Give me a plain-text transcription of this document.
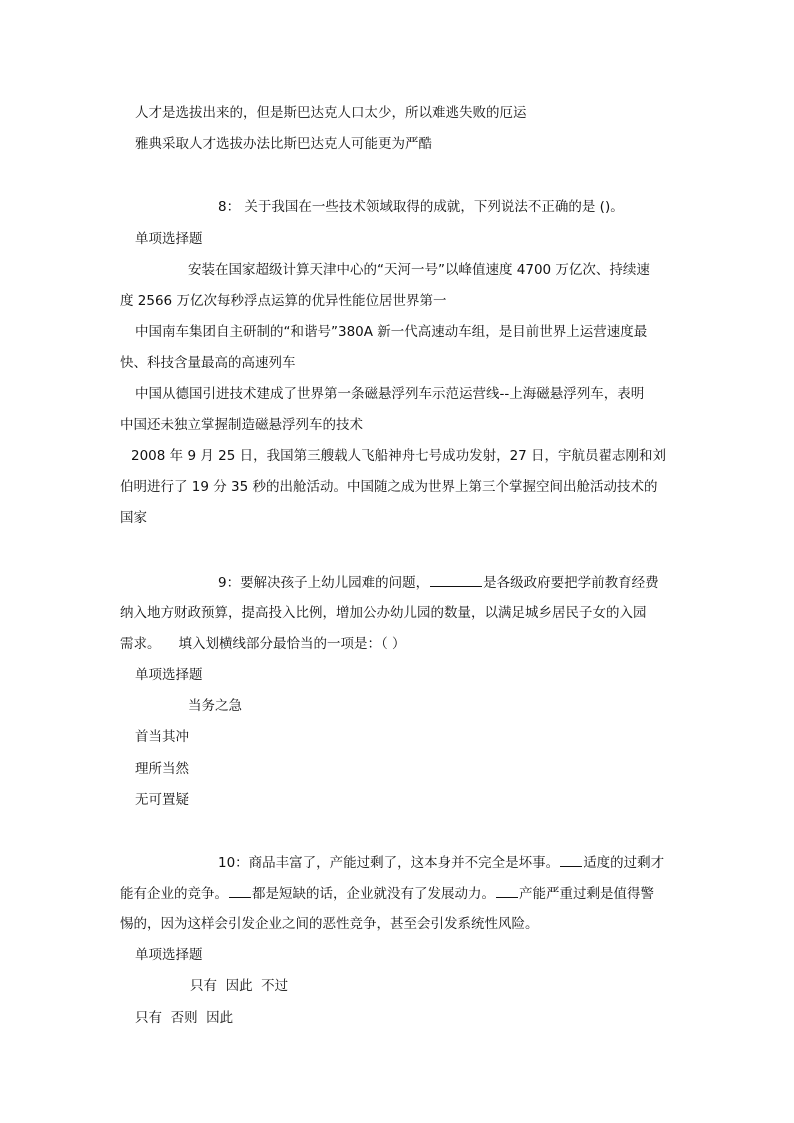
人才是选拔出来的，但是斯巴达克人口太少，所以难逃失败的厄运
雅典采取人才选拔办法比斯巴达克人可能更为严酷
8： 关于我国在一些技术领域取得的成就，下列说法不正确的是 ()。
单项选择题
安装在国家超级计算天津中心的“天河一号”以峰值速度 4700 万亿次、持续速
度 2566 万亿次每秒浮点运算的优异性能位居世界第一
中国南车集团自主研制的“和谐号”380A 新一代高速动车组，是目前世界上运营速度最
快、科技含量最高的高速列车
中国从德国引进技术建成了世界第一条磁悬浮列车示范运营线--上海磁悬浮列车，表明
中国还未独立掌握制造磁悬浮列车的技术
2008 年 9 月 25 日，我国第三艘载人飞船神舟七号成功发射，27 日，宇航员翟志刚和刘
伯明进行了 19 分 35 秒的出舱活动。中国随之成为世界上第三个掌握空间出舱活动技术的
国家
9：要解决孩子上幼儿园难的问题，	是各级政府要把学前教育经费
纳入地方财政预算，提高投入比例，增加公办幼儿园的数量，以满足城乡居民子女的入园
需求。 填入划横线部分最恰当的一项是：（ ）
单项选择题
当务之急
首当其冲
理所当然
无可置疑
10：商品丰富了，产能过剩了，这本身并不完全是坏事。 适度的过剩才
能有企业的竞争。 都是短缺的话，企业就没有了发展动力。 产能严重过剩是值得警
惕的，因为这样会引发企业之间的恶性竞争，甚至会引发系统性风险。
单项选择题
只有  因此  不过
只有  否则  因此
